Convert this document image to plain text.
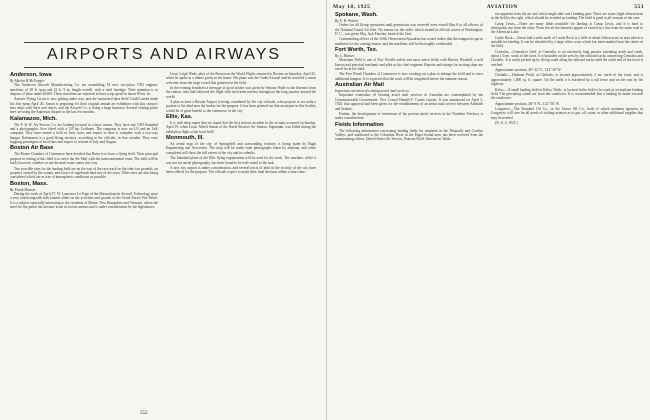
AIRPORTS AND AIRWAYS
Anderson, Iowa
By Martin H McFonger

The Anderson Aircraft Manufacturing Co. are assembling 18 new two-place OX5 engines, machines of 28 ft. span and 22 ft. 9 in. length overall, with a steel fuselage. Their intention is to dispose of these under $1000. These machines are reported to have a top speed in about 85 mi. hr.

Anson's Flying Circus is now getting under way, and the 'motorized daze devil' Guild Landis made his first jump April 26. Anson is preparing for their original annual air exhibition with this season's new ships with these and others, and the Aircraft Co. is doing a large business. Several visiting pilots here are using the Anderson Airport in the last few months.

Kalamazoo, Mich.

The F. & W. Air Service Co. are looking forward to a busy season. They have one OX5-Standard and a photographic Avro fitted with a 120 hp. Lefthone. The company is now an LO and an LaK company. They have rented a field of forty acres and expect to have it complete with a two-way hangar. Kalamazoo is a good flying territory, according to the officials, in fine weather. They were hopping passengers at local fairs and expect to resume in July and August.

Boston Air Base

The Boone Chamber of Commerce have decided that Boise is to have a flying field. Their principal purpose in setting of this field is to serve the Air Mail with the transcontinental route. The field will be built, however, whether or not the mail route comes this way.

Two possible sites for the landing field are on the east of the race track on the state fair grounds, on property owned by the county, and a tract of sagebrush land east of the town. Other sites are also being considered which are as free of atmospheric conditions as possible.

Boston, Mass.
By Frank Hansen

During the week of April 27, W. Lawrence Le Page of the Massachusetts Aircraft Technology gave a very interesting talk with lantern slides on the activities and growth of the Aerial Forest Fire Patrol. It is a subject especially interesting to the residents of Maine, New Hampshire and Vermont, where the need for fire patrol has become acute in recent seasons and is under consideration by the legislatures.

Lieut. Leigh Wade, pilot of the Boston on the World Flight, returned to Boston on Saturday, April 25, when he spoke at a dinner given in his honor. His plane was the Cadet Aircraft and he received a warm welcome from the large crowd that gathered at the field.

In the evening broadcast a message of good wishes was given by Senator Wade to the listeners from the station, who had followed the flight with such keen interest throughout the long journey around the world.

A plan to have a Boston Airport is being considered by the city officials, who propose to set aside a portion of the land near the harbor for the purpose. It has been pointed out that an airport in this locality would be of great benefit to the commerce of the city.

Ellis, Kas.

It is with deep regret that we report that the first serious accident in the vicinity occurred on Sunday, April 19, when Lieut. Alfred Simon of the Naval Reserve Air Station, Squantum, was killed during the exhibition flight at the local field.

Monmouth, Ill.

An aerial map of the city of Springfield and surrounding territory is being made by Rugh Engineering and Associates. The map will be made from photographs taken by airplane, and when completed will show the full extent of the city and its suburbs.

The Standard plane of the Ellis flying organization will be used for the work. The machine, while it was not for aerial photography, has been found to be well suited to the task.

A new city airport is under consideration, and several tracts of land in the vicinity of the city have been offered for the purpose. The officials expect to make their final decision within a short time.

552
May 18, 1925	AVIATION	553
Spokane, Wash.
By E. H. Patton

Orders for all flying operations until permission was received were issued May 6 to all officers of the National Guard Air Unit. No reason for the order, which started in official course at Washington, D. C., was given Maj. Jack Fancher, head of the Unit.

Commanding officer of the 116th Observation Squadron has issued orders that the hangars be put in readiness for the coming season, and the machines will be thoroughly overhauled.

Fort Worth, Tex.
By L. Manser

Meacham Field is one of Fort Worth's safest and most active fields with Harvey Woodall, a well known and practical mechanic and pilot as his chief engineer. Repairs and storage for visiting ships are cared for at the field.

The Fort Worth Chamber of Commerce is now working on a plan to enlarge the field and to erect additional hangars. It is expected that the work will be completed before the summer season.

Australian Air Mail
Important extension of existing aerial mail services

Important extensions of existing aerial mail services in Australia are contemplated by the Commonwealth Government. Vice Consul Handel F. Coates reports. It was announced on April 3, 1925, that approval had been given for the establishment of an aerial mail service between Adelaide and Sydney.

Further, the development of extensions of the present aerial services in the Northern Territory is under consideration.

Fields Information

The following information concerning landing fields for airplanes in the Nisqually and Cowlitz Valleys, and southward to the Columbia River in the Puget Sound area, has been received from the commanding officer, United States Air Service, Pearson Field, Vancouver, Wash.

not apparent from the air and which might take one's landing gear. There are some slight obstructions in the field to the right, which should be avoided on landing. The field is good at all seasons of the year.

Camp Lewis.—There are many fields available for landing at Camp Lewis, and it is hard to distinguish one from the other. From the air the barracks appear to extend in a line from the main road to the American Lake.

Castle Rock.—About half a mile north of Castle Rock is a field of about fifteen acres in area which is suitable for landing. It can be identified by a large white cross which has been marked near the center of the field.

Centralia.—Centralia's field, at Centralia, is an extremely long pasture extending north and south, about 1/4 mi. south of the town. It is bounded on the west by the railroad tracks connecting Centralia and Chehalis. It is easily picked up by flying south along the railroad tracks until the south end of the town is reached.

Approximate position, 46° 42' N., 122° 58' W.

Chehalis.—Dunham Field, at Chehalis, is located approximately 2 mi. north of the town, and is approximately 1,000 sq. ft. square. On the north it is bordered by a rail fence and on the east by the highway.

Kelso.—A small landing field at Kelso, Wash., is located in the field to be used as an airplane landing field. The prevailing winds are from the southwest. It is recommended that a landing be made towards the southwest.

Approximate position, 46° 8' N., 122° 56' W.

Longview.—The Standard Oil Co., or the Union Oil Co., both of which maintain agencies in Longview, will care for all needs of visiting aviators as to gas, oil, water, or other additional supplies that may be needed.

(N. A. 4, 1925.)
